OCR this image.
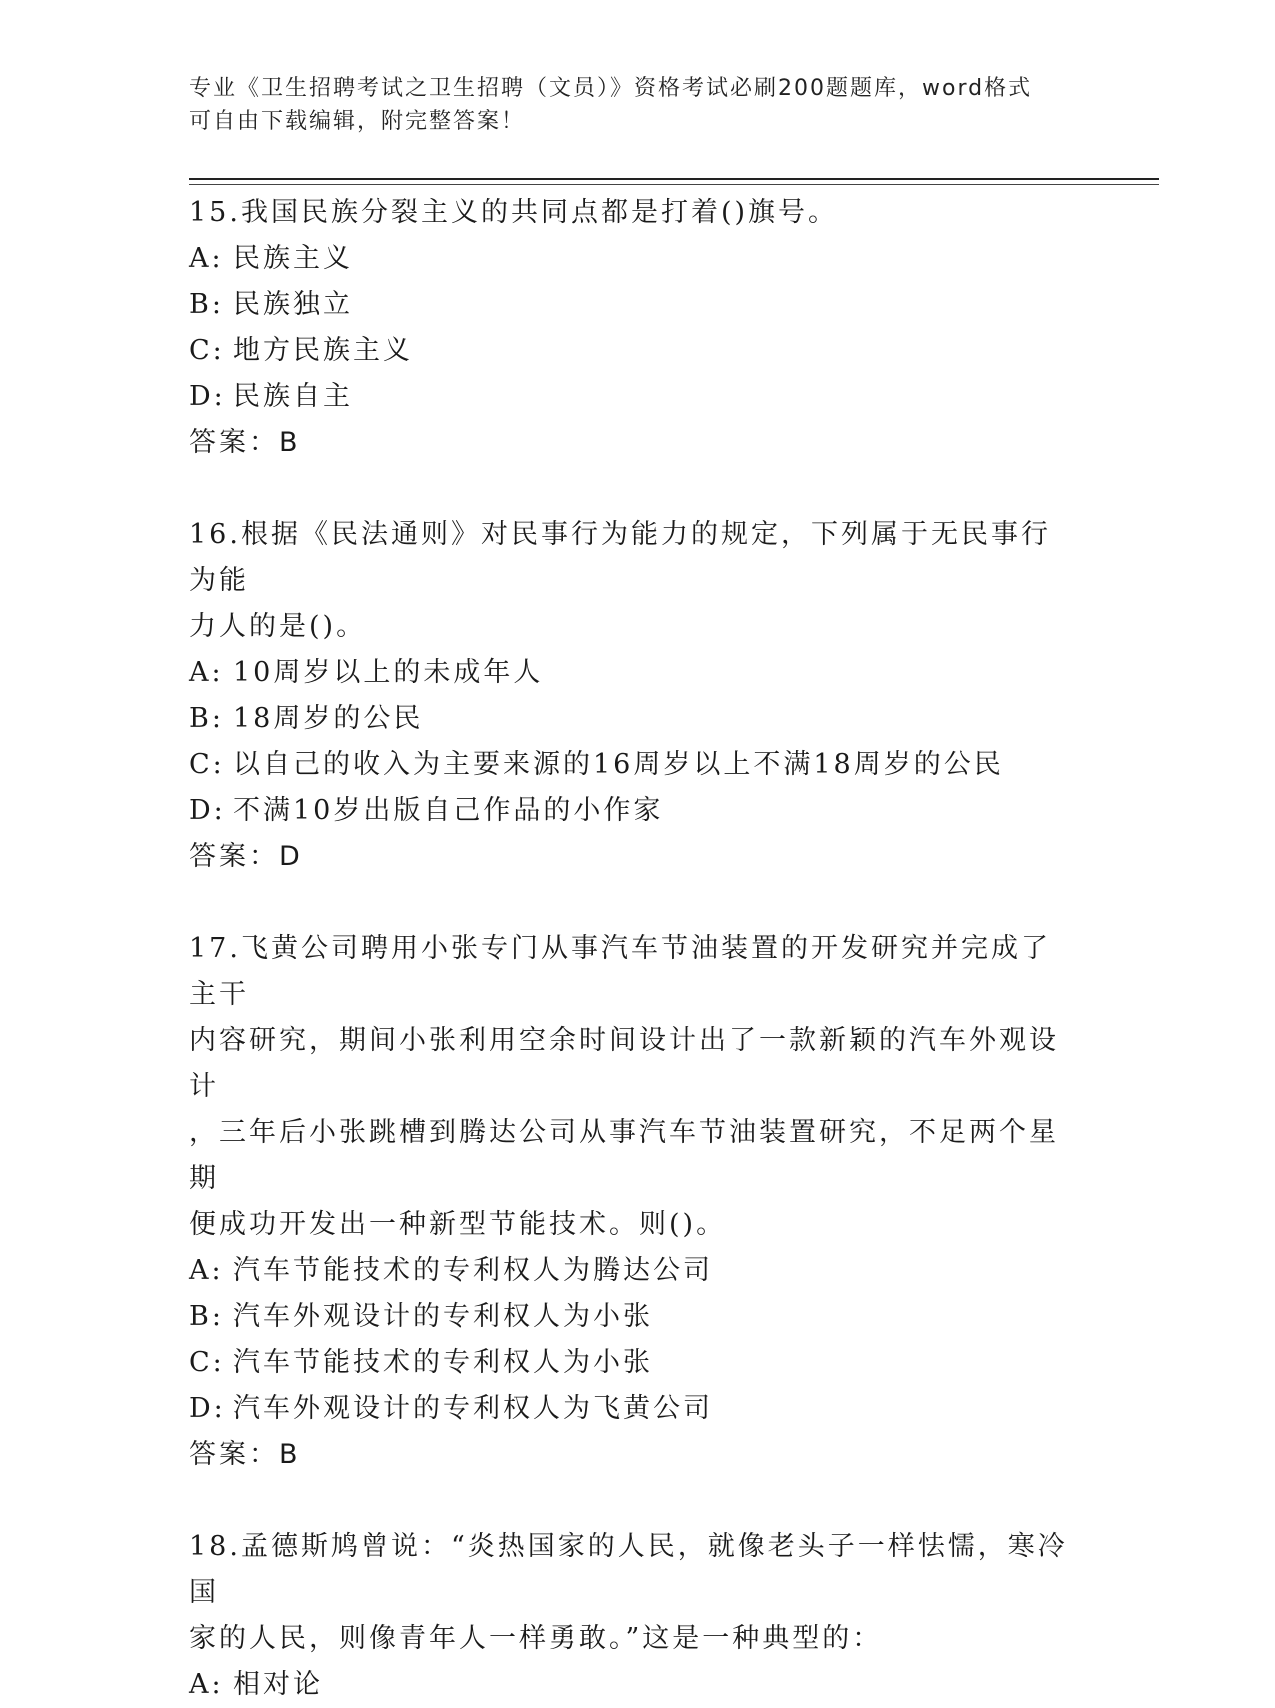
专业《卫生招聘考试之卫生招聘（文员）》资格考试必刷200题题库，word格式
可自由下载编辑，附完整答案！

15.我国民族分裂主义的共同点都是打着()旗号。

A: 民族主义

B: 民族独立

C: 地方民族主义

D: 民族自主

答案：B

16.根据《民法通则》对民事行为能力的规定，下列属于无民事行为能

力人的是()。

A: 10周岁以上的未成年人

B: 18周岁的公民

C: 以自己的收入为主要来源的16周岁以上不满18周岁的公民

D: 不满10岁出版自己作品的小作家

答案：D

17.飞黄公司聘用小张专门从事汽车节油装置的开发研究并完成了主干

内容研究，期间小张利用空余时间设计出了一款新颖的汽车外观设计

，三年后小张跳槽到腾达公司从事汽车节油装置研究，不足两个星期

便成功开发出一种新型节能技术。则()。

A: 汽车节能技术的专利权人为腾达公司

B: 汽车外观设计的专利权人为小张

C: 汽车节能技术的专利权人为小张

D: 汽车外观设计的专利权人为飞黄公司

答案：B

18.孟德斯鸠曾说：“炎热国家的人民，就像老头子一样怯懦，寒冷国

家的人民，则像青年人一样勇敢。”这是一种典型的：

A: 相对论
